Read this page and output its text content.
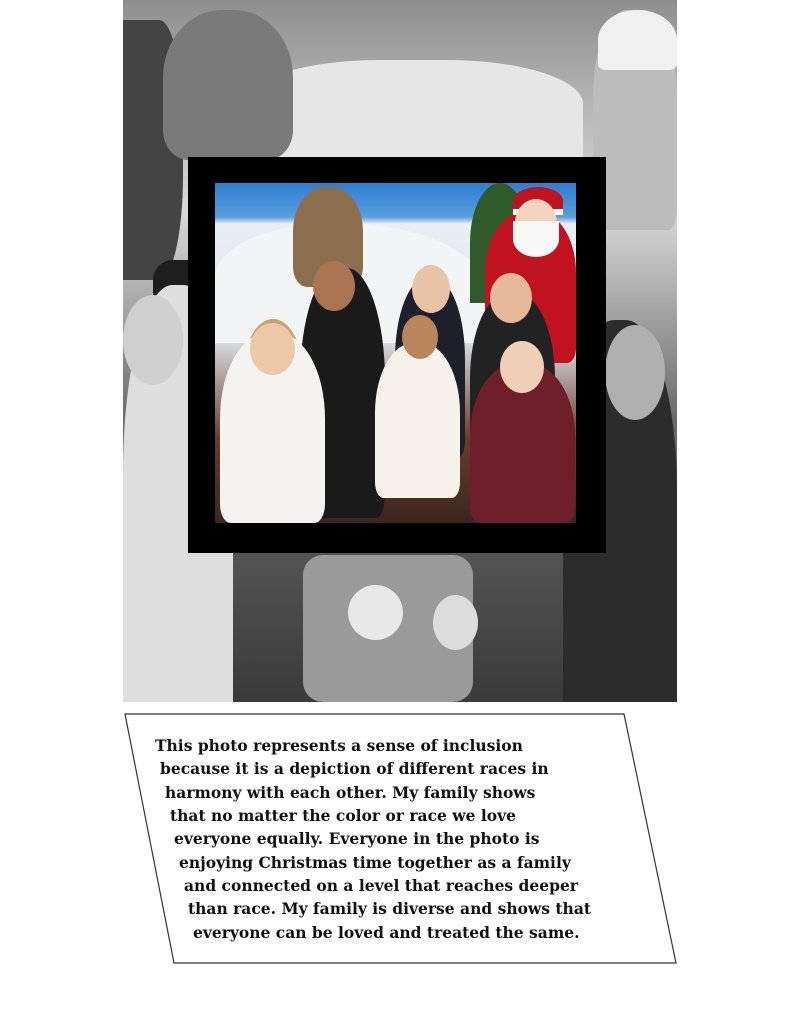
This photo represents a sense of inclusion
because it is a depiction of different races in
harmony with each other. My family shows
that no matter the color or race we love
everyone equally. Everyone in the photo is
enjoying Christmas time together as a family
and connected on a level that reaches deeper
than race. My family is diverse and shows that
everyone can be loved and treated the same.
